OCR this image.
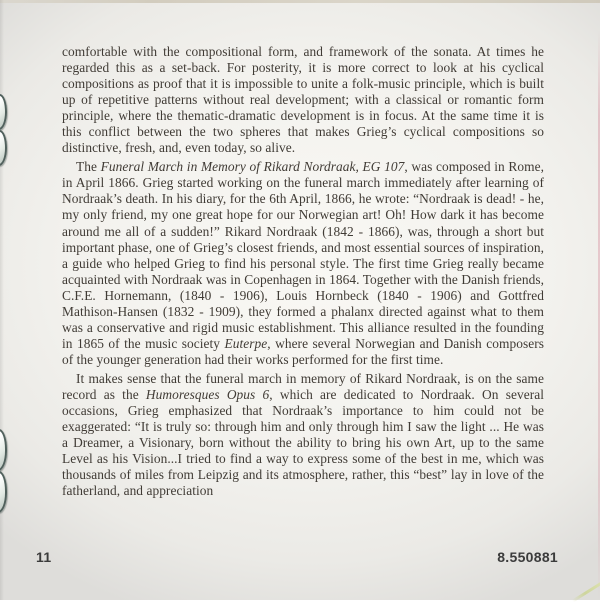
comfortable with the compositional form, and framework of the sonata. At times he regarded this as a set-back. For posterity, it is more correct to look at his cyclical compositions as proof that it is impossible to unite a folk-music principle, which is built up of repetitive patterns without real development; with a classical or romantic form principle, where the thematic-dramatic development is in focus. At the same time it is this conflict between the two spheres that makes Grieg’s cyclical compositions so distinctive, fresh, and, even today, so alive.

The Funeral March in Memory of Rikard Nordraak, EG 107, was composed in Rome, in April 1866. Grieg started working on the funeral march immediately after learning of Nordraak’s death. In his diary, for the 6th April, 1866, he wrote: “Nordraak is dead! - he, my only friend, my one great hope for our Norwegian art! Oh! How dark it has become around me all of a sudden!” Rikard Nordraak (1842 - 1866), was, through a short but important phase, one of Grieg’s closest friends, and most essential sources of inspiration, a guide who helped Grieg to find his personal style. The first time Grieg really became acquainted with Nordraak was in Copenhagen in 1864. Together with the Danish friends, C.F.E. Hornemann, (1840 - 1906), Louis Hornbeck (1840 - 1906) and Gottfred Mathison-Hansen (1832 - 1909), they formed a phalanx directed against what to them was a conservative and rigid music establishment. This alliance resulted in the founding in 1865 of the music society Euterpe, where several Norwegian and Danish composers of the younger generation had their works performed for the first time.

It makes sense that the funeral march in memory of Rikard Nordraak, is on the same record as the Humoresques Opus 6, which are dedicated to Nordraak. On several occasions, Grieg emphasized that Nordraak’s importance to him could not be exaggerated: “It is truly so: through him and only through him I saw the light ... He was a Dreamer, a Visionary, born without the ability to bring his own Art, up to the same Level as his Vision...I tried to find a way to express some of the best in me, which was thousands of miles from Leipzig and its atmosphere, rather, this “best” lay in love of the fatherland, and appreciation

11	8.550881
